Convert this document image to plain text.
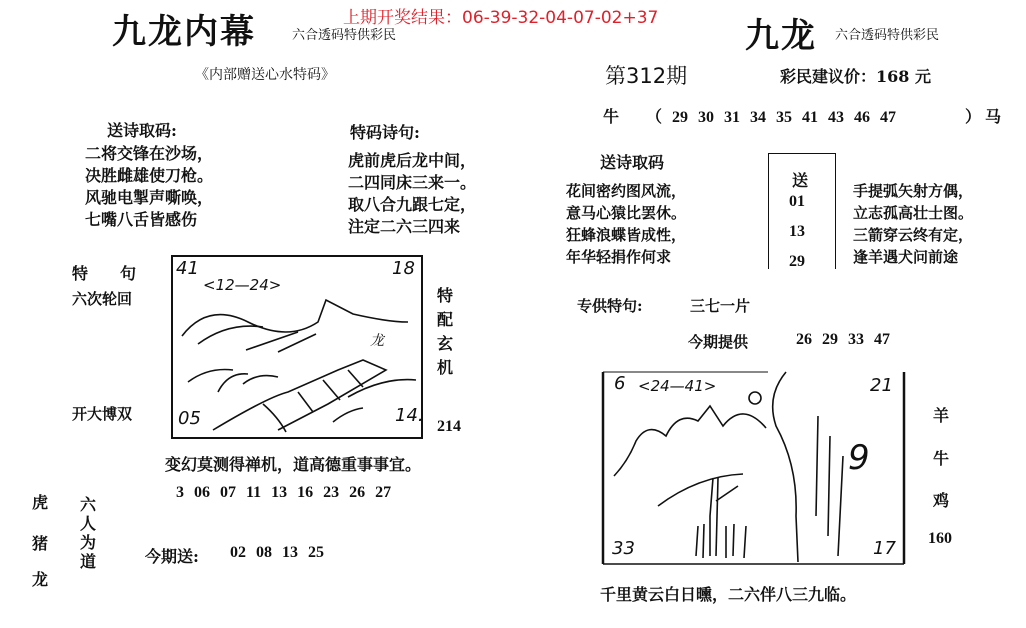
九龙内幕	六合透码特供彩民
上期开奖结果：06-39-32-04-07-02+37
《内部赠送心水特码》
送诗取码:
二将交锋在沙场，
决胜雌雄使刀枪。
风驰电掣声嘶唤，
七嘴八舌皆感伤
特码诗句:
虎前虎后龙中间，
二四同床三来一。
取八合九跟七定，
注定二六三四来
特　　句
六次轮回
开大博双
41	18
<12—24>
龙
05	14.
特配玄机
214
变幻莫测得禅机，道高德重事事宜。
3 06 07 11 13 16 23 26 27
虎
猪
龙
六人为道	今期送: 02 08 13 25
九龙 六合透码特供彩民
第312期	彩民建议价：168 元
牛 （ 29 30 31 34 35 41 43 46 47	） 马
送诗取码
花间密约图风流，
意马心猿比罢休。
狂蜂浪蝶皆成性，
年华轻捐作何求
送
01
13
29
手提弧矢射方偶，
立志孤高壮士图。
三箭穿云终有定，
逢羊遇犬问前途
专供特句:	三七一片
今期提供	26 29 33 47
6 <24—41>	21
9
33	17
羊
牛
鸡
160
千里黄云白日曛，二六伴八三九临。
